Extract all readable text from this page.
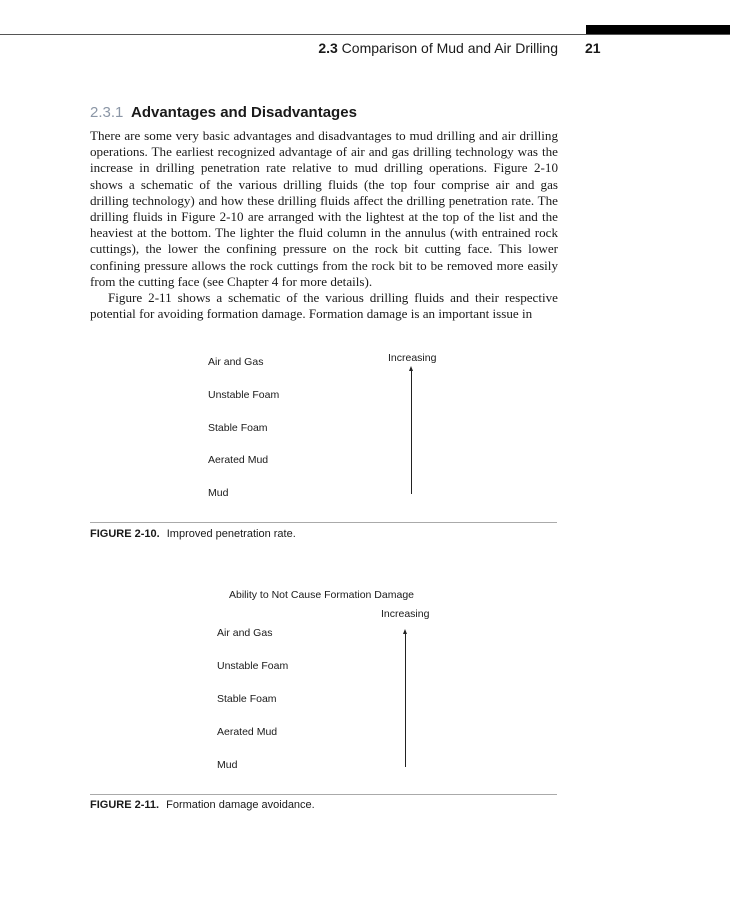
2.3 Comparison of Mud and Air Drilling 21
2.3.1 Advantages and Disadvantages

There are some very basic advantages and disadvantages to mud drilling and air drilling operations. The earliest recognized advantage of air and gas drilling technology was the increase in drilling penetration rate relative to mud drilling operations. Figure 2-10 shows a schematic of the various drilling fluids (the top four comprise air and gas drilling technology) and how these drilling fluids affect the drilling penetration rate. The drilling fluids in Figure 2-10 are arranged with the lightest at the top of the list and the heaviest at the bottom. The lighter the fluid column in the annulus (with entrained rock cuttings), the lower the confining pressure on the rock bit cutting face. This lower confining pressure allows the rock cuttings from the rock bit to be removed more easily from the cutting face (see Chapter 4 for more details).

Figure 2-11 shows a schematic of the various drilling fluids and their respective potential for avoiding formation damage. Formation damage is an important issue in

Air and Gas
Unstable Foam
Stable Foam
Aerated Mud
Mud
Increasing
FIGURE 2-10. Improved penetration rate.
Ability to Not Cause Formation Damage
Increasing
Air and Gas
Unstable Foam
Stable Foam
Aerated Mud
Mud
FIGURE 2-11. Formation damage avoidance.
